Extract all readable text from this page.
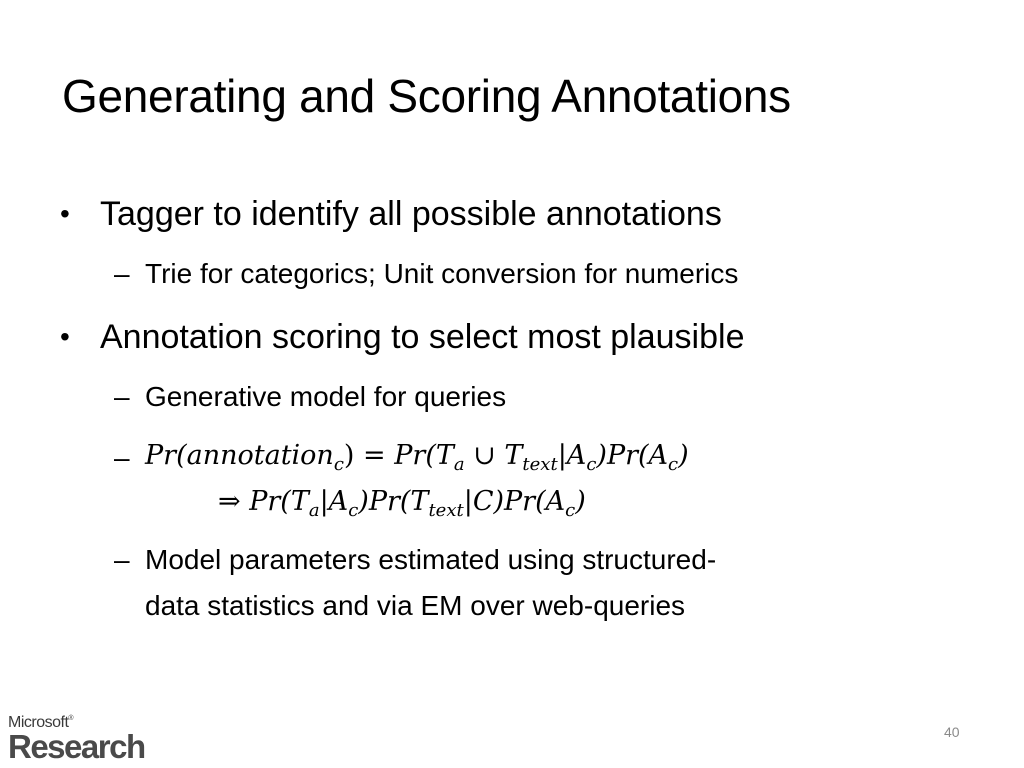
Generating and Scoring Annotations
• Tagger to identify all possible annotations
– Trie for categorics; Unit conversion for numerics
• Annotation scoring to select most plausible
– Generative model for queries
– Pr(annotation$_c$) = $Pr(T_a$ ∪ $T_{text}|A_c)Pr(A_c)$
⇒ $Pr(T_a|A_c)Pr(T_{text}|C)Pr(A_c)$
– Model parameters estimated using structured-
data statistics and via EM over web-queries
Microsoft®
Research	40
